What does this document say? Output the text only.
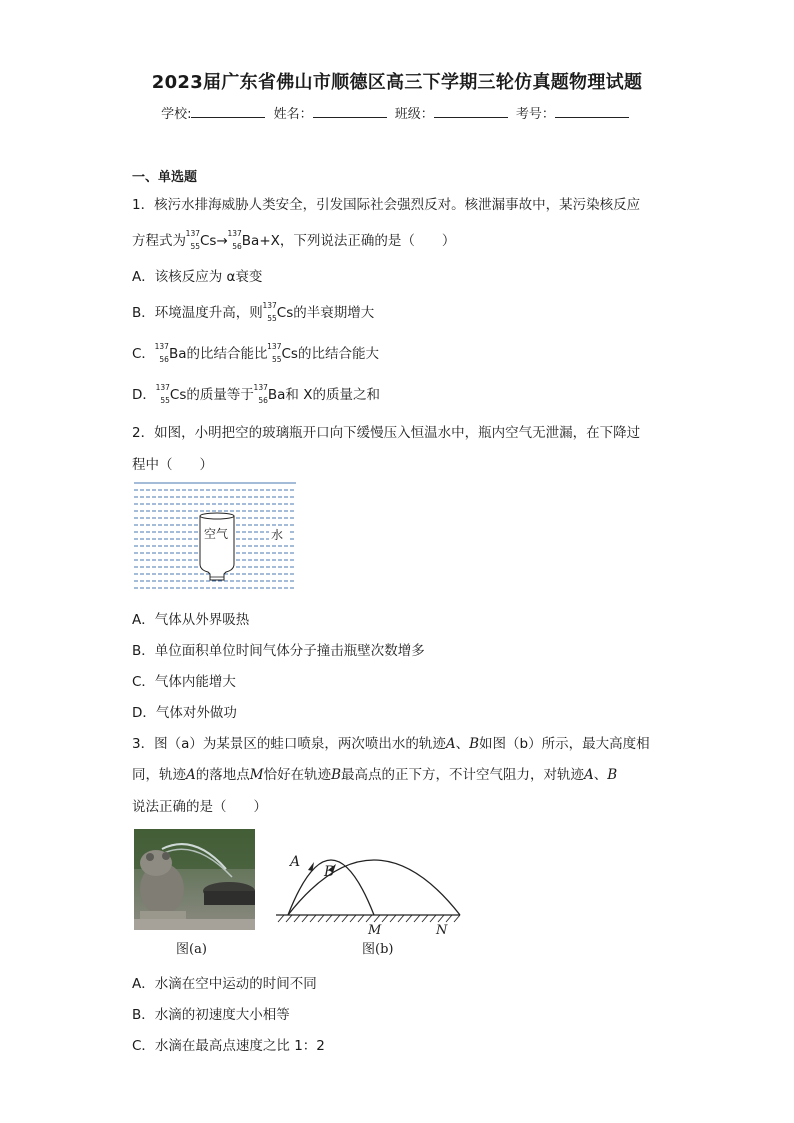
2023届广东省佛山市顺德区高三下学期三轮仿真题物理试题
学校:	姓名：	班级：	考号：
一、单选题
1．核污水排海威胁人类安全，引发国际社会强烈反对。核泄漏事故中，某污染核反应
方程式为 137
55 Cs→ 137
56 Ba+X，下列说法正确的是（　　）
A．该核反应为 α衰变
B．环境温度升高，则 137
55 Cs的半衰期增大
C． 137
56 Ba的比结合能比 137
55 Cs的比结合能大
D． 137
55 Cs的质量等于 137
56 Ba和 X的质量之和
2．如图，小明把空的玻璃瓶开口向下缓慢压入恒温水中，瓶内空气无泄漏，在下降过
程中（　　）
空气	水
A．气体从外界吸热
B．单位面积单位时间气体分子撞击瓶壁次数增多
C．气体内能增大
D．气体对外做功
3．图（a）为某景区的蛙口喷泉，两次喷出水的轨迹A、B如图（b）所示，最大高度相
同，轨迹A的落地点M恰好在轨迹B最高点的正下方，不计空气阻力，对轨迹A、B
说法正确的是（　　）
图(a)
A
B
M	N
图(b)
A．水滴在空中运动的时间不同
B．水滴的初速度大小相等
C．水滴在最高点速度之比 1：2
